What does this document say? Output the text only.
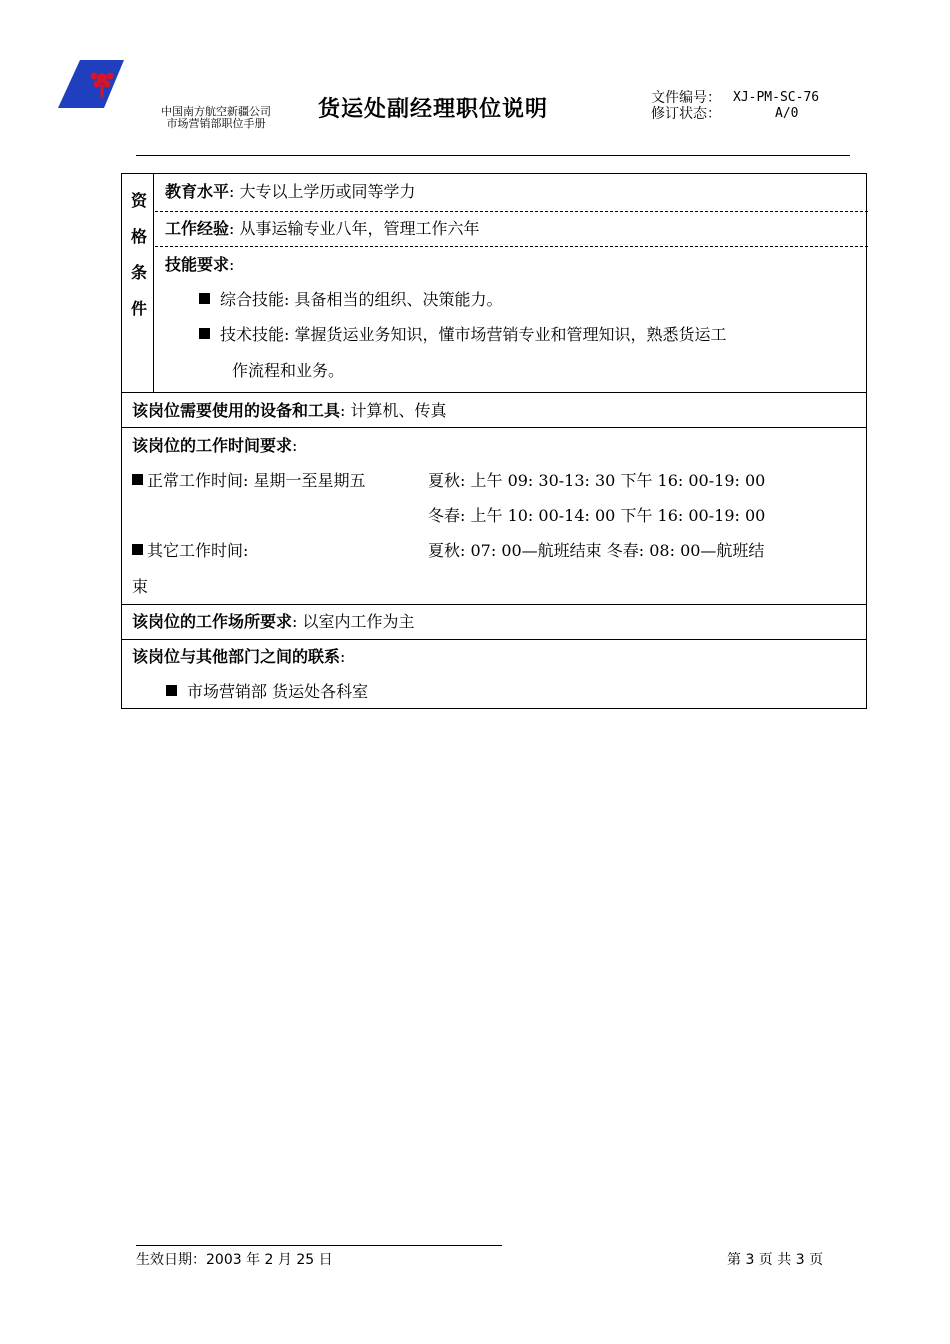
中国南方航空新疆公司
市场营销部职位手册
货运处副经理职位说明	文件编号： XJ-PM-SC-76
修订状态：	A/0
资
格
条
件
教育水平: 大专以上学历或同等学力
工作经验: 从事运输专业八年，管理工作六年
技能要求:
综合技能: 具备相当的组织、决策能力。
技术技能: 掌握货运业务知识，懂市场营销专业和管理知识，熟悉货运工
作流程和业务。
该岗位需要使用的设备和工具: 计算机、传真
该岗位的工作时间要求:
正常工作时间: 星期一至星期五	夏秋: 上午 09: 30-13: 30 下午 16: 00-19: 00
冬春: 上午 10: 00-14: 00 下午 16: 00-19: 00
其它工作时间:	夏秋: 07: 00—航班结束 冬春: 08: 00—航班结
束
该岗位的工作场所要求: 以室内工作为主
该岗位与其他部门之间的联系:
市场营销部 货运处各科室
生效日期：2003 年 2 月 25 日	第 3 页 共 3 页
